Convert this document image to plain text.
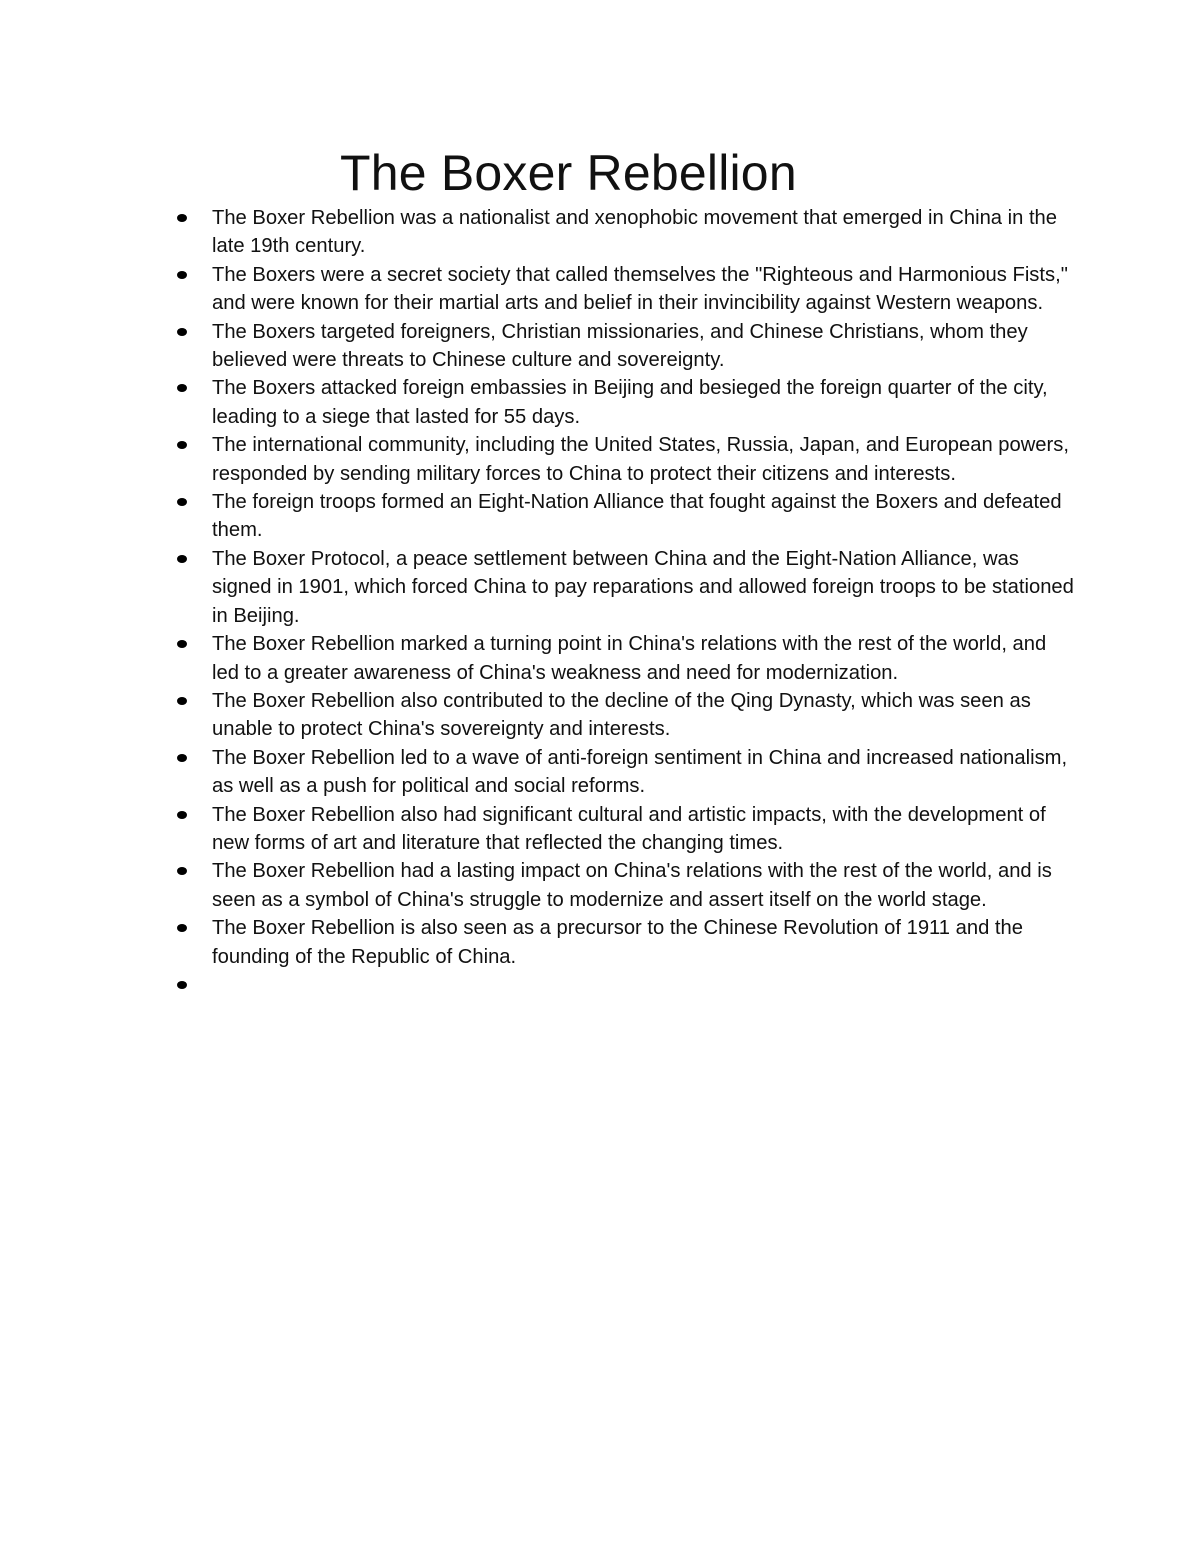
The Boxer Rebellion
The Boxer Rebellion was a nationalist and xenophobic movement that emerged in China in the late 19th century.
The Boxers were a secret society that called themselves the "Righteous and Harmonious Fists," and were known for their martial arts and belief in their invincibility against Western weapons.
The Boxers targeted foreigners, Christian missionaries, and Chinese Christians, whom they believed were threats to Chinese culture and sovereignty.
The Boxers attacked foreign embassies in Beijing and besieged the foreign quarter of the city, leading to a siege that lasted for 55 days.
The international community, including the United States, Russia, Japan, and European powers, responded by sending military forces to China to protect their citizens and interests.
The foreign troops formed an Eight-Nation Alliance that fought against the Boxers and defeated them.
The Boxer Protocol, a peace settlement between China and the Eight-Nation Alliance, was signed in 1901, which forced China to pay reparations and allowed foreign troops to be stationed in Beijing.
The Boxer Rebellion marked a turning point in China's relations with the rest of the world, and led to a greater awareness of China's weakness and need for modernization.
The Boxer Rebellion also contributed to the decline of the Qing Dynasty, which was seen as unable to protect China's sovereignty and interests.
The Boxer Rebellion led to a wave of anti-foreign sentiment in China and increased nationalism, as well as a push for political and social reforms.
The Boxer Rebellion also had significant cultural and artistic impacts, with the development of new forms of art and literature that reflected the changing times.
The Boxer Rebellion had a lasting impact on China's relations with the rest of the world, and is seen as a symbol of China's struggle to modernize and assert itself on the world stage.
The Boxer Rebellion is also seen as a precursor to the Chinese Revolution of 1911 and the founding of the Republic of China.
